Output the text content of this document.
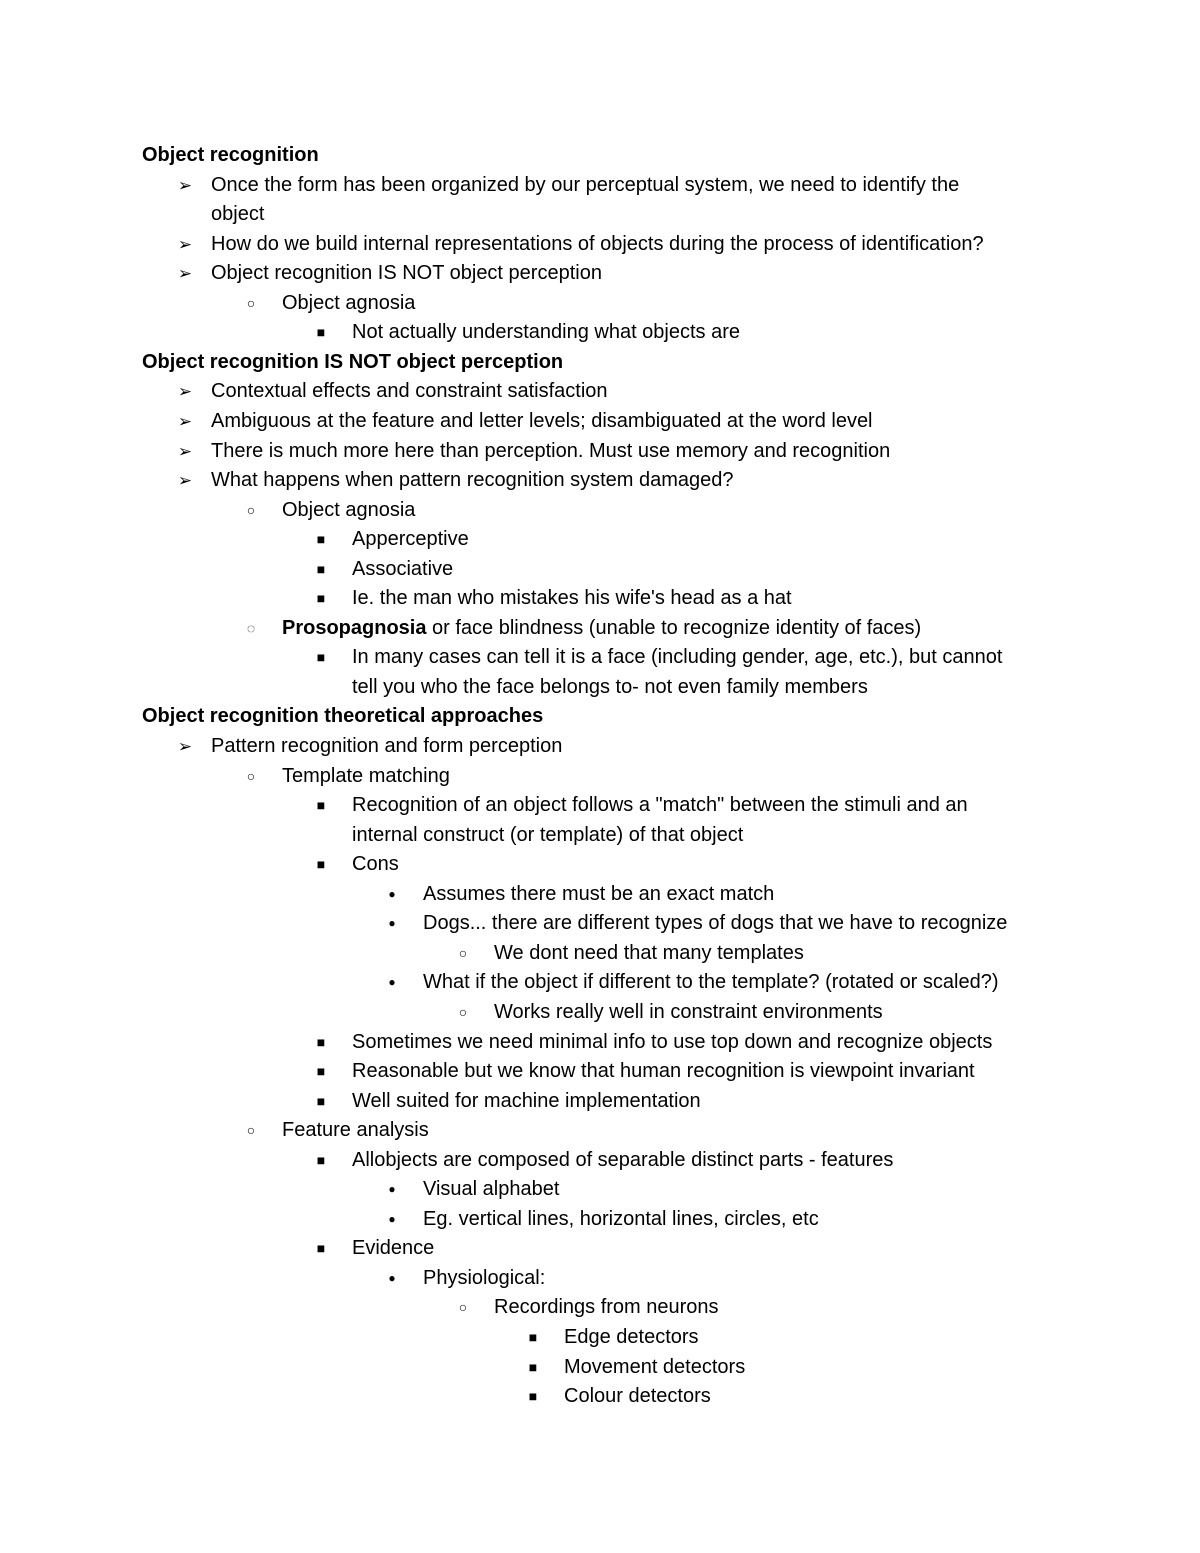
Object recognition
➢ Once the form has been organized by our perceptual system, we need to identify the
object
➢ How do we build internal representations of objects during the process of identification?
➢ Object recognition IS NOT object perception
○	Object agnosia
■	Not actually understanding what objects are
Object recognition IS NOT object perception
➢ Contextual effects and constraint satisfaction
➢ Ambiguous at the feature and letter levels; disambiguated at the word level
➢ There is much more here than perception. Must use memory and recognition
➢ What happens when pattern recognition system damaged?
○	Object agnosia
■	Apperceptive
■	Associative
■	Ie. the man who mistakes his wife's head as a hat
◌	Prosopagnosia or face blindness (unable to recognize identity of faces)
■	In many cases can tell it is a face (including gender, age, etc.), but cannot
tell you who the face belongs to- not even family members
Object recognition theoretical approaches
➢ Pattern recognition and form perception
○	Template matching
■	Recognition of an object follows a "match" between the stimuli and an
internal construct (or template) of that object
■	Cons
●	Assumes there must be an exact match
●	Dogs... there are different types of dogs that we have to recognize
○	We dont need that many templates
●	What if the object if different to the template? (rotated or scaled?)
○	Works really well in constraint environments
■	Sometimes we need minimal info to use top down and recognize objects
■	Reasonable but we know that human recognition is viewpoint invariant
■	Well suited for machine implementation
○	Feature analysis
■	Allobjects are composed of separable distinct parts - features
●	Visual alphabet
●	Eg. vertical lines, horizontal lines, circles, etc
■	Evidence
●	Physiological:
○	Recordings from neurons
■	Edge detectors
■	Movement detectors
■	Colour detectors
